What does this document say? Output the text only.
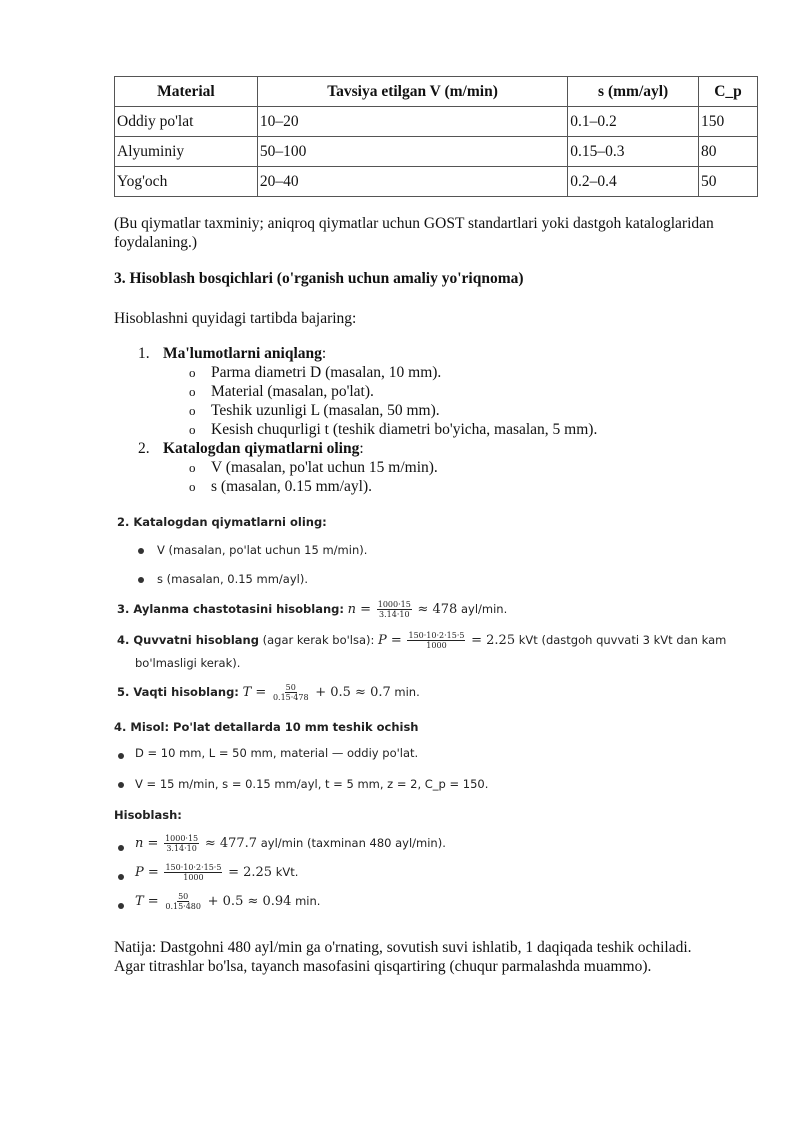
Material	Tavsiya etilgan V (m/min)	s (mm/ayl)	C_p
Oddiy po'lat	10–20	0.1–0.2	150
Alyuminiy	50–100	0.15–0.3	80
Yog'och	20–40	0.2–0.4	50

(Bu qiymatlar taxminiy; aniqroq qiymatlar uchun GOST standartlari yoki dastgoh kataloglaridan foydalaning.)

3. Hisoblash bosqichlari (o'rganish uchun amaliy yo'riqnoma)
Hisoblashni quyidagi tartibda bajaring:
1. Ma'lumotlarni aniqlang:
o Parma diametri D (masalan, 10 mm).
o Material (masalan, po'lat).
o Teshik uzunligi L (masalan, 50 mm).
o Kesish chuqurligi t (teshik diametri bo'yicha, masalan, 5 mm).
2. Katalogdan qiymatlarni oling:
o V (masalan, po'lat uchun 15 m/min).
o s (masalan, 0.15 mm/ayl).
2. Katalogdan qiymatlarni oling:
V (masalan, po'lat uchun 15 m/min).
s (masalan, 0.15 mm/ayl).
3. Aylanma chastotasini hisoblang: $n = \frac{1000\cdot 15}{3.14\cdot 10} \approx 478$ ayl/min.
4. Quvvatni hisoblang (agar kerak bo'lsa): $P = \frac{150\cdot 10\cdot 2\cdot 15\cdot 5}{1000} = 2.25$ kVt (dastgoh quvvati 3 kVt dan kam
bo'lmasligi kerak).
5. Vaqti hisoblang: $T = \frac{50}{0.15\cdot 478} + 0.5 \approx 0.7$ min.
4. Misol: Po'lat detallarda 10 mm teshik ochish
D = 10 mm, L = 50 mm, material — oddiy po'lat.
V = 15 m/min, s = 0.15 mm/ayl, t = 5 mm, z = 2, C_p = 150.
Hisoblash:
$n = \frac{1000\cdot 15}{3.14\cdot 10} \approx 477.7$ ayl/min (taxminan 480 ayl/min).
$P = \frac{150\cdot 10\cdot 2\cdot 15\cdot 5}{1000} = 2.25$ kVt.
$T = \frac{50}{0.15\cdot 480} + 0.5 \approx 0.94$ min.
Natija: Dastgohni 480 ayl/min ga o'rnating, sovutish suvi ishlatib, 1 daqiqada teshik ochiladi.
Agar titrashlar bo'lsa, tayanch masofasini qisqartiring (chuqur parmalashda muammo).
